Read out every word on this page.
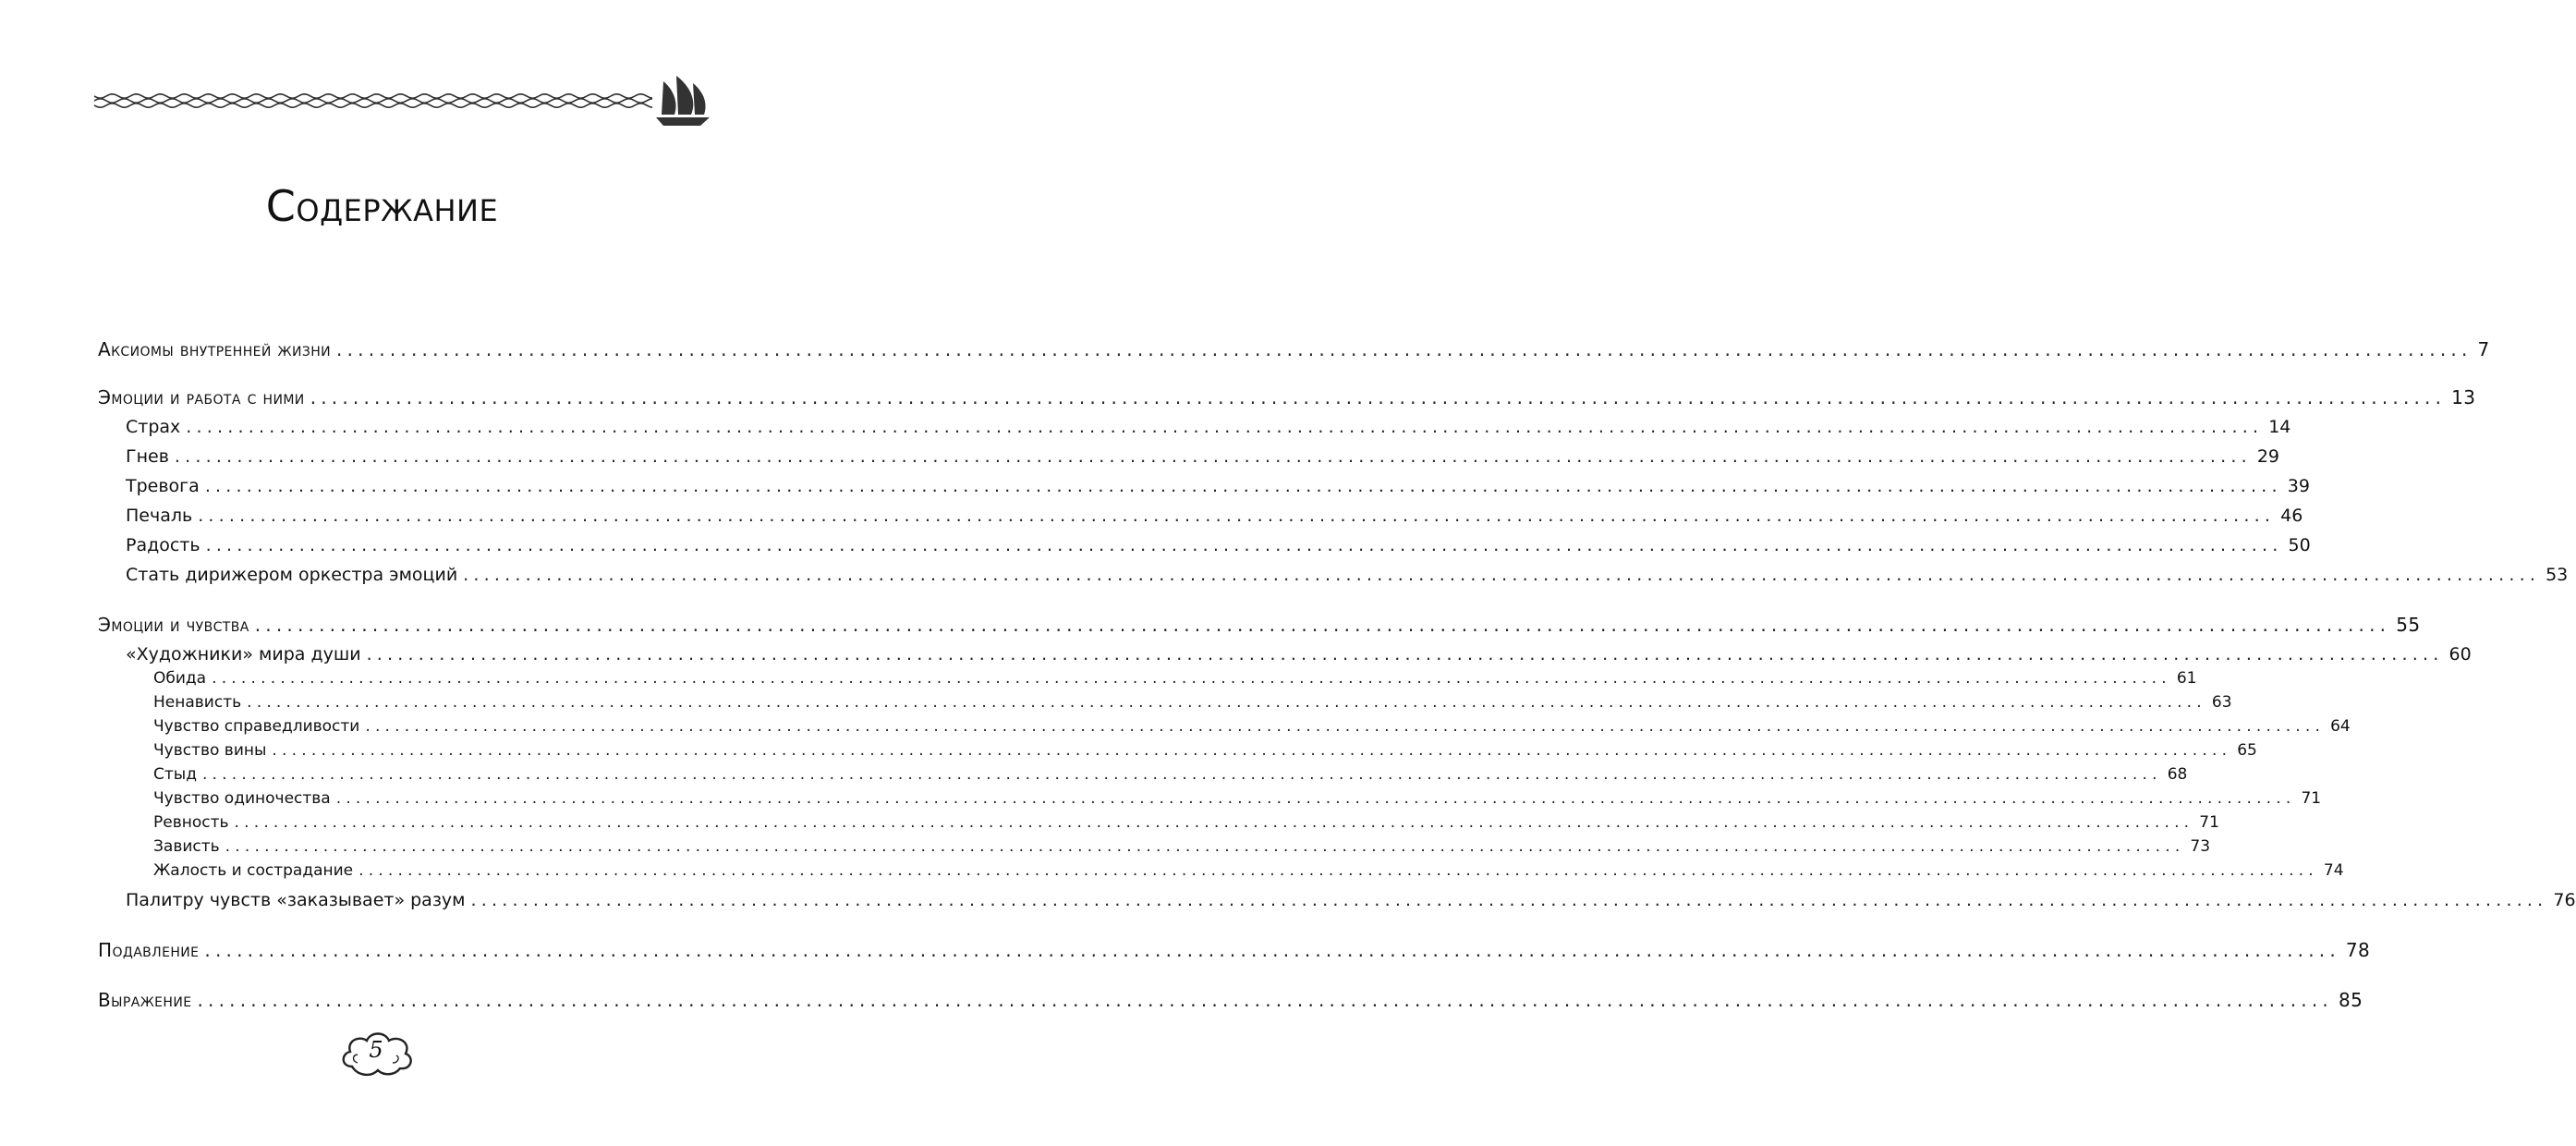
Содержание
Аксиомы внутренней жизни ........................................................................................................................................................................................................ 7
Эмоции и работа с ними ........................................................................................................................................................................................................ 13
Страх ........................................................................................................................................................................................................ 14
Гнев ........................................................................................................................................................................................................ 29
Тревога ........................................................................................................................................................................................................ 39
Печаль ........................................................................................................................................................................................................ 46
Радость ........................................................................................................................................................................................................ 50
Стать дирижером оркестра эмоций ........................................................................................................................................................................................................ 53
Эмоции и чувства ........................................................................................................................................................................................................ 55
«Художники» мира души ........................................................................................................................................................................................................ 60
Обида ........................................................................................................................................................................................................ 61
Ненависть ........................................................................................................................................................................................................ 63
Чувство справедливости ........................................................................................................................................................................................................ 64
Чувство вины ........................................................................................................................................................................................................ 65
Стыд ........................................................................................................................................................................................................ 68
Чувство одиночества ........................................................................................................................................................................................................ 71
Ревность ........................................................................................................................................................................................................ 71
Зависть ........................................................................................................................................................................................................ 73
Жалость и сострадание ........................................................................................................................................................................................................ 74
Палитру чувств «заказывает» разум ........................................................................................................................................................................................................ 76
Подавление ........................................................................................................................................................................................................ 78
Выражение ........................................................................................................................................................................................................ 85
5
